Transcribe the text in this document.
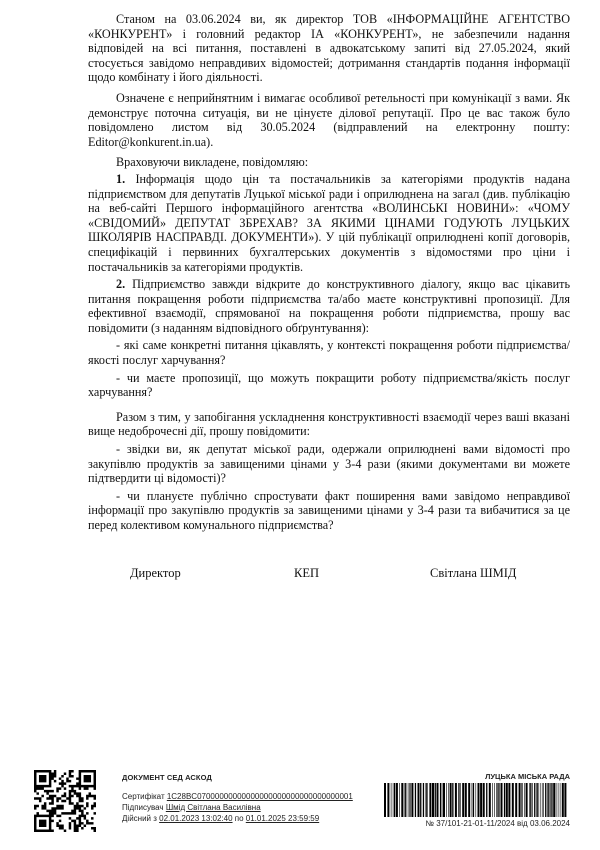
Станом на 03.06.2024 ви, як директор ТОВ «ІНФОРМАЦІЙНЕ АГЕНТСТВО «КОНКУРЕНТ» і головний редактор ІА «КОНКУРЕНТ», не забезпечили надання відповідей на всі питання, поставлені в адвокатському запиті від 27.05.2024, який стосується завідомо неправдивих відомостей; дотримання стандартів подання інформації щодо комбінату і його діяльності.

Означене є неприйнятним і вимагає особливої ретельності при комунікації з вами. Як демонструє поточна ситуація, ви не цінуєте ділової репутації. Про це вас також було повідомлено листом від 30.05.2024 (відправлений на електронну пошту: Editor@konkurent.in.ua).

Враховуючи викладене, повідомляю:

1. Інформація щодо цін та постачальників за категоріями продуктів надана підприємством для депутатів Луцької міської ради і оприлюднена на загал (див. публікацію на веб-сайті Першого інформаційного агентства «ВОЛИНСЬКІ НОВИНИ»: «ЧОМУ «СВІДОМИЙ» ДЕПУТАТ ЗБРЕХАВ? ЗА ЯКИМИ ЦІНАМИ ГОДУЮТЬ ЛУЦЬКИХ ШКОЛЯРІВ НАСПРАВДІ. ДОКУМЕНТИ»). У цій публікації оприлюднені копії договорів, специфікацій і первинних бухгалтерських документів з відомостями про ціни і постачальників за категоріями продуктів.

2. Підприємство завжди відкрите до конструктивного діалогу, якщо вас цікавить питання покращення роботи підприємства та/або маєте конструктивні пропозиції. Для ефективної взаємодії, спрямованої на покращення роботи підприємства, прошу вас повідомити (з наданням відповідного обґрунтування):

- які саме конкретні питання цікавлять, у контексті покращення роботи підприємства/якості послуг харчування?

- чи маєте пропозиції, що можуть покращити роботу підприємства/якість послуг харчування?

Разом з тим, у запобігання ускладнення конструктивності взаємодії через ваші вказані вище недоброчесні дії, прошу повідомити:

- звідки ви, як депутат міської ради, одержали оприлюднені вами відомості про закупівлю продуктів за завищеними цінами у 3-4 рази (якими документами ви можете підтвердити ці відомості)?

- чи плануєте публічно спростувати факт поширення вами завідомо неправдивої інформації про закупівлю продуктів за завищеними цінами у 3-4 рази та вибачитися за це перед колективом комунального підприємства?

Директор	КЕП	Світлана ШМІД
ДОКУМЕНТ СЕД АСКОД
Сертифікат 1C28BC07000000000000000000000000000000001
Підписувач Шмід Світлана Василівна
Дійсний з 02.01.2023 13:02:40 по 01.01.2025 23:59:59
ЛУЦЬКА МІСЬКА РАДА
№ 37/101-21-01-11/2024 від 03.06.2024
